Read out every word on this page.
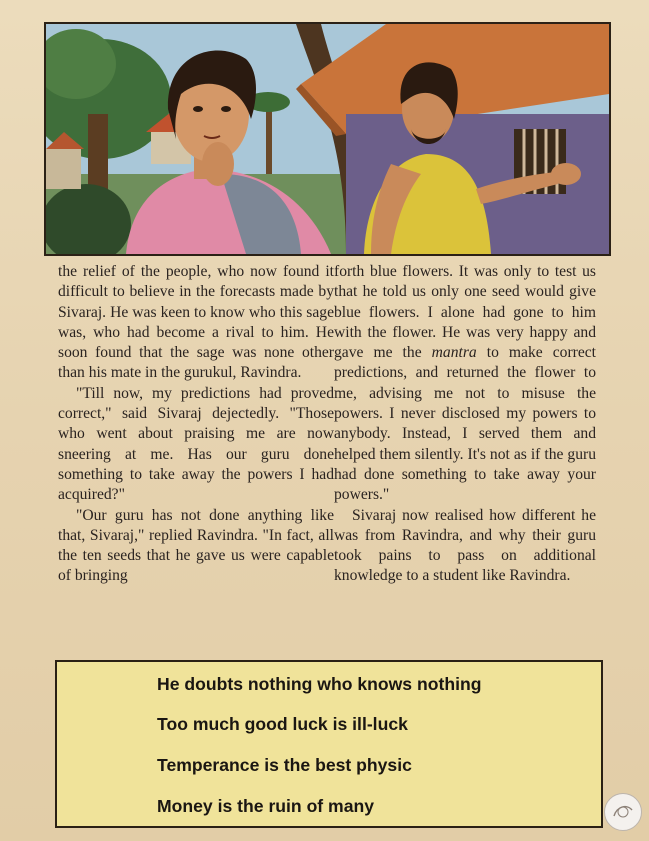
the relief of the people, who now found it difficult to believe in the forecasts made by Sivaraj. He was keen to know who this sage was, who had become a rival to him. He soon found that the sage was none other than his mate in the gurukul, Ravindra.

"Till now, my predictions had proved correct," said Sivaraj dejectedly. "Those who went about praising me are now sneering at me. Has our guru done something to take away the powers I had acquired?"

"Our guru has not done anything like that, Sivaraj," replied Ravindra. "In fact, all the ten seeds that he gave us were capable of bringing

forth blue flowers. It was only to test us that he told us only one seed would give blue flowers. I alone had gone to him with the flower. He was very happy and gave me the mantra to make correct predictions, and returned the flower to me, advising me not to misuse the powers. I never disclosed my powers to anybody. Instead, I served them and helped them silently. It's not as if the guru had done something to take away your powers."

Sivaraj now realised how different he was from Ravindra, and why their guru took pains to pass on additional knowledge to a student like Ravindra.

He doubts nothing who knows nothing
Too much good luck is ill-luck
Temperance is the best physic
Money is the ruin of many
